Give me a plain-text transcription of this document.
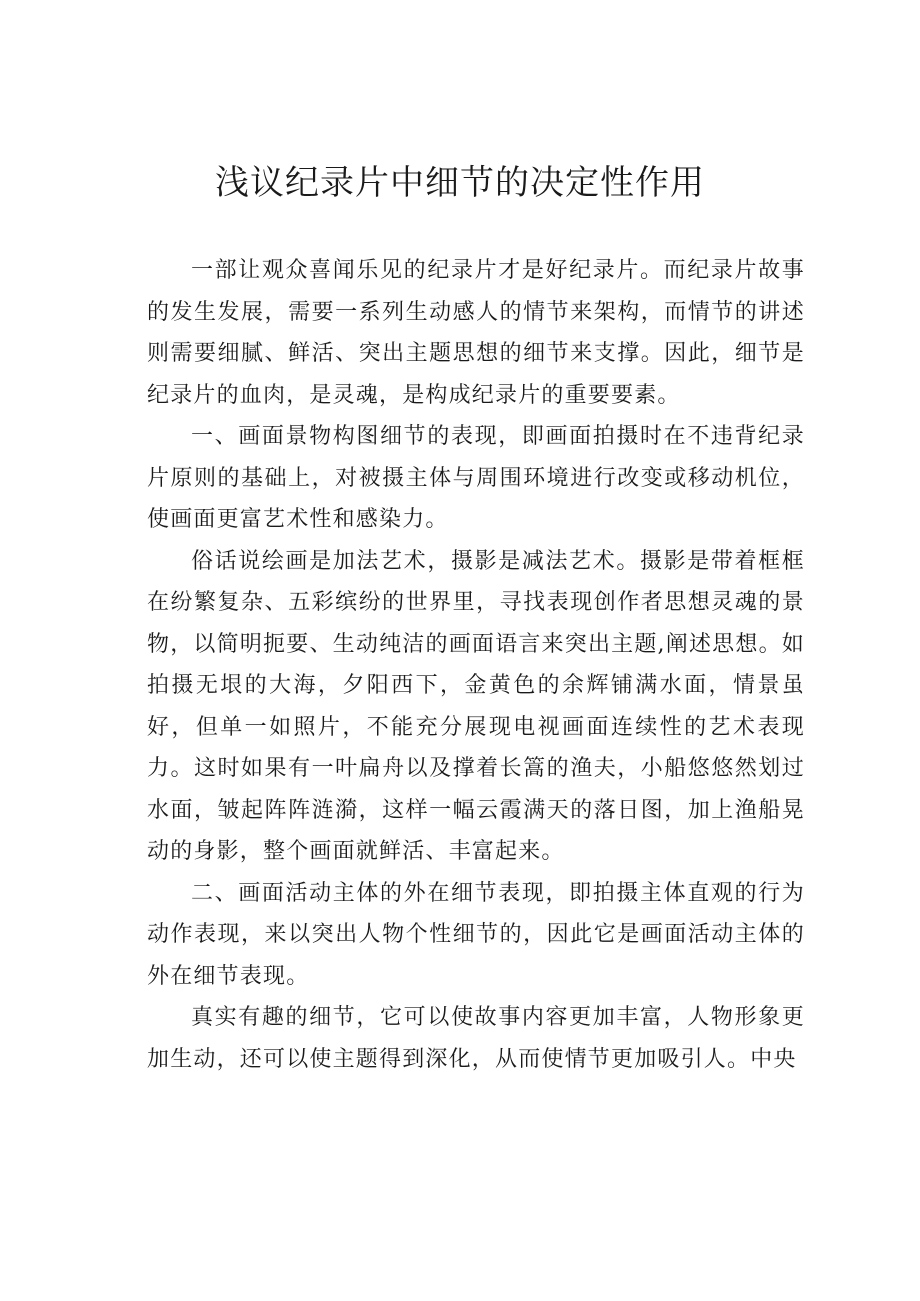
浅议纪录片中细节的决定性作用

一部让观众喜闻乐见的纪录片才是好纪录片。而纪录片故事的发生发展，需要一系列生动感人的情节来架构，而情节的讲述则需要细腻、鲜活、突出主题思想的细节来支撑。因此，细节是纪录片的血肉，是灵魂，是构成纪录片的重要要素。

一、画面景物构图细节的表现，即画面拍摄时在不违背纪录片原则的基础上，对被摄主体与周围环境进行改变或移动机位，使画面更富艺术性和感染力。

俗话说绘画是加法艺术，摄影是减法艺术。摄影是带着框框在纷繁复杂、五彩缤纷的世界里，寻找表现创作者思想灵魂的景物，以简明扼要、生动纯洁的画面语言来突出主题,阐述思想。如拍摄无垠的大海，夕阳西下，金黄色的余辉铺满水面，情景虽好，但单一如照片，不能充分展现电视画面连续性的艺术表现力。这时如果有一叶扁舟以及撑着长篙的渔夫，小船悠悠然划过水面，皱起阵阵涟漪，这样一幅云霞满天的落日图，加上渔船晃动的身影，整个画面就鲜活、丰富起来。

二、画面活动主体的外在细节表现，即拍摄主体直观的行为动作表现，来以突出人物个性细节的，因此它是画面活动主体的外在细节表现。

真实有趣的细节，它可以使故事内容更加丰富，人物形象更加生动，还可以使主题得到深化，从而使情节更加吸引人。中央
